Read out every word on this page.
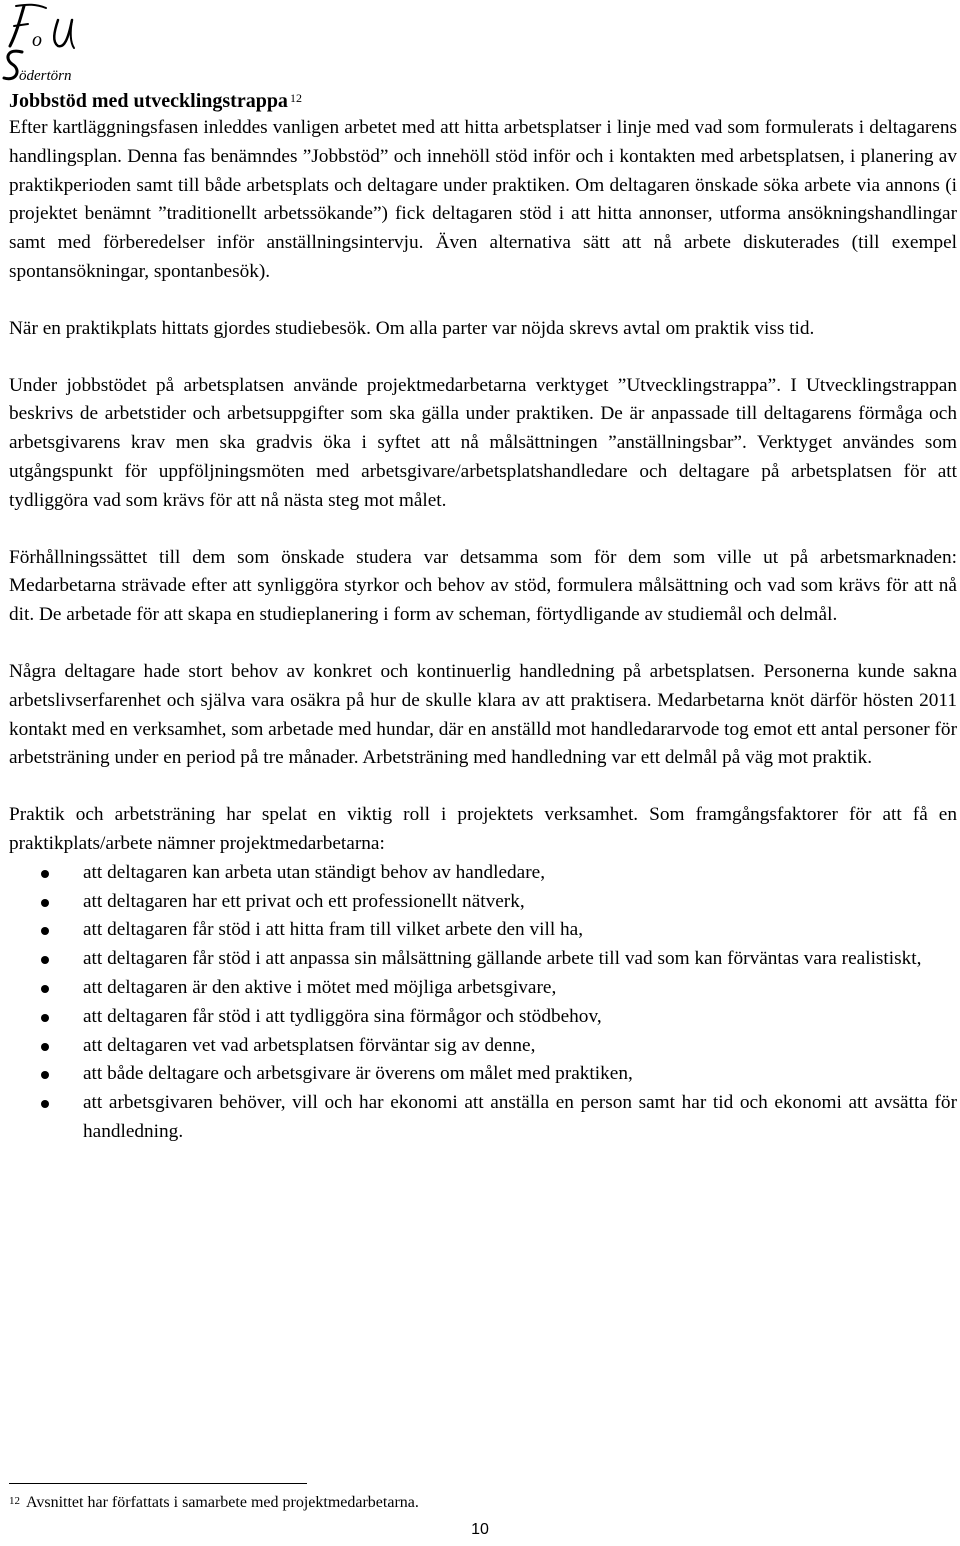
o
ödertörn
Jobbstöd med utvecklingstrappa $^{12}$

Efter kartläggningsfasen inleddes vanligen arbetet med att hitta arbetsplatser i linje med vad som formulerats i deltagarens handlingsplan. Denna fas benämndes ”Jobbstöd” och innehöll stöd inför och i kontakten med arbetsplatsen, i planering av praktikperioden samt till både arbetsplats och deltagare under praktiken. Om deltagaren önskade söka arbete via annons (i projektet benämnt ”traditionellt arbetssökande”) fick deltagaren stöd i att hitta annonser, utforma ansökningshandlingar samt med förberedelser inför anställningsintervju. Även alternativa sätt att nå arbete diskuterades (till exempel spontansökningar, spontanbesök).

När en praktikplats hittats gjordes studiebesök. Om alla parter var nöjda skrevs avtal om praktik viss tid.

Under jobbstödet på arbetsplatsen använde projektmedarbetarna verktyget ”Utvecklingstrappa”. I Utvecklingstrappan beskrivs de arbetstider och arbetsuppgifter som ska gälla under praktiken. De är anpassade till deltagarens förmåga och arbetsgivarens krav men ska gradvis öka i syftet att nå målsättningen ”anställningsbar”. Verktyget användes som utgångspunkt för uppföljningsmöten med arbetsgivare/arbetsplatshandledare och deltagare på arbetsplatsen för att tydliggöra vad som krävs för att nå nästa steg mot målet.

Förhållningssättet till dem som önskade studera var detsamma som för dem som ville ut på arbetsmarknaden: Medarbetarna strävade efter att synliggöra styrkor och behov av stöd, formulera målsättning och vad som krävs för att nå dit. De arbetade för att skapa en studieplanering i form av scheman, förtydligande av studiemål och delmål.

Några deltagare hade stort behov av konkret och kontinuerlig handledning på arbetsplatsen. Personerna kunde sakna arbetslivserfarenhet och själva vara osäkra på hur de skulle klara av att praktisera. Medarbetarna knöt därför hösten 2011 kontakt med en verksamhet, som arbetade med hundar, där en anställd mot handledararvode tog emot ett antal personer för arbetsträning under en period på tre månader. Arbetsträning med handledning var ett delmål på väg mot praktik.

Praktik och arbetsträning har spelat en viktig roll i projektets verksamhet. Som framgångsfaktorer för att få en praktikplats/arbete nämner projektmedarbetarna:

att deltagaren kan arbeta utan ständigt behov av handledare,
att deltagaren har ett privat och ett professionellt nätverk,
att deltagaren får stöd i att hitta fram till vilket arbete den vill ha,
att deltagaren får stöd i att anpassa sin målsättning gällande arbete till vad som kan förväntas vara realistiskt,
att deltagaren är den aktive i mötet med möjliga arbetsgivare,
att deltagaren får stöd i att tydliggöra sina förmågor och stödbehov,
att deltagaren vet vad arbetsplatsen förväntar sig av denne,
att både deltagare och arbetsgivare är överens om målet med praktiken,
att arbetsgivaren behöver, vill och har ekonomi att anställa en person samt har tid och ekonomi att avsätta för handledning.
$^{12}$ Avsnittet har författats i samarbete med projektmedarbetarna.
10
